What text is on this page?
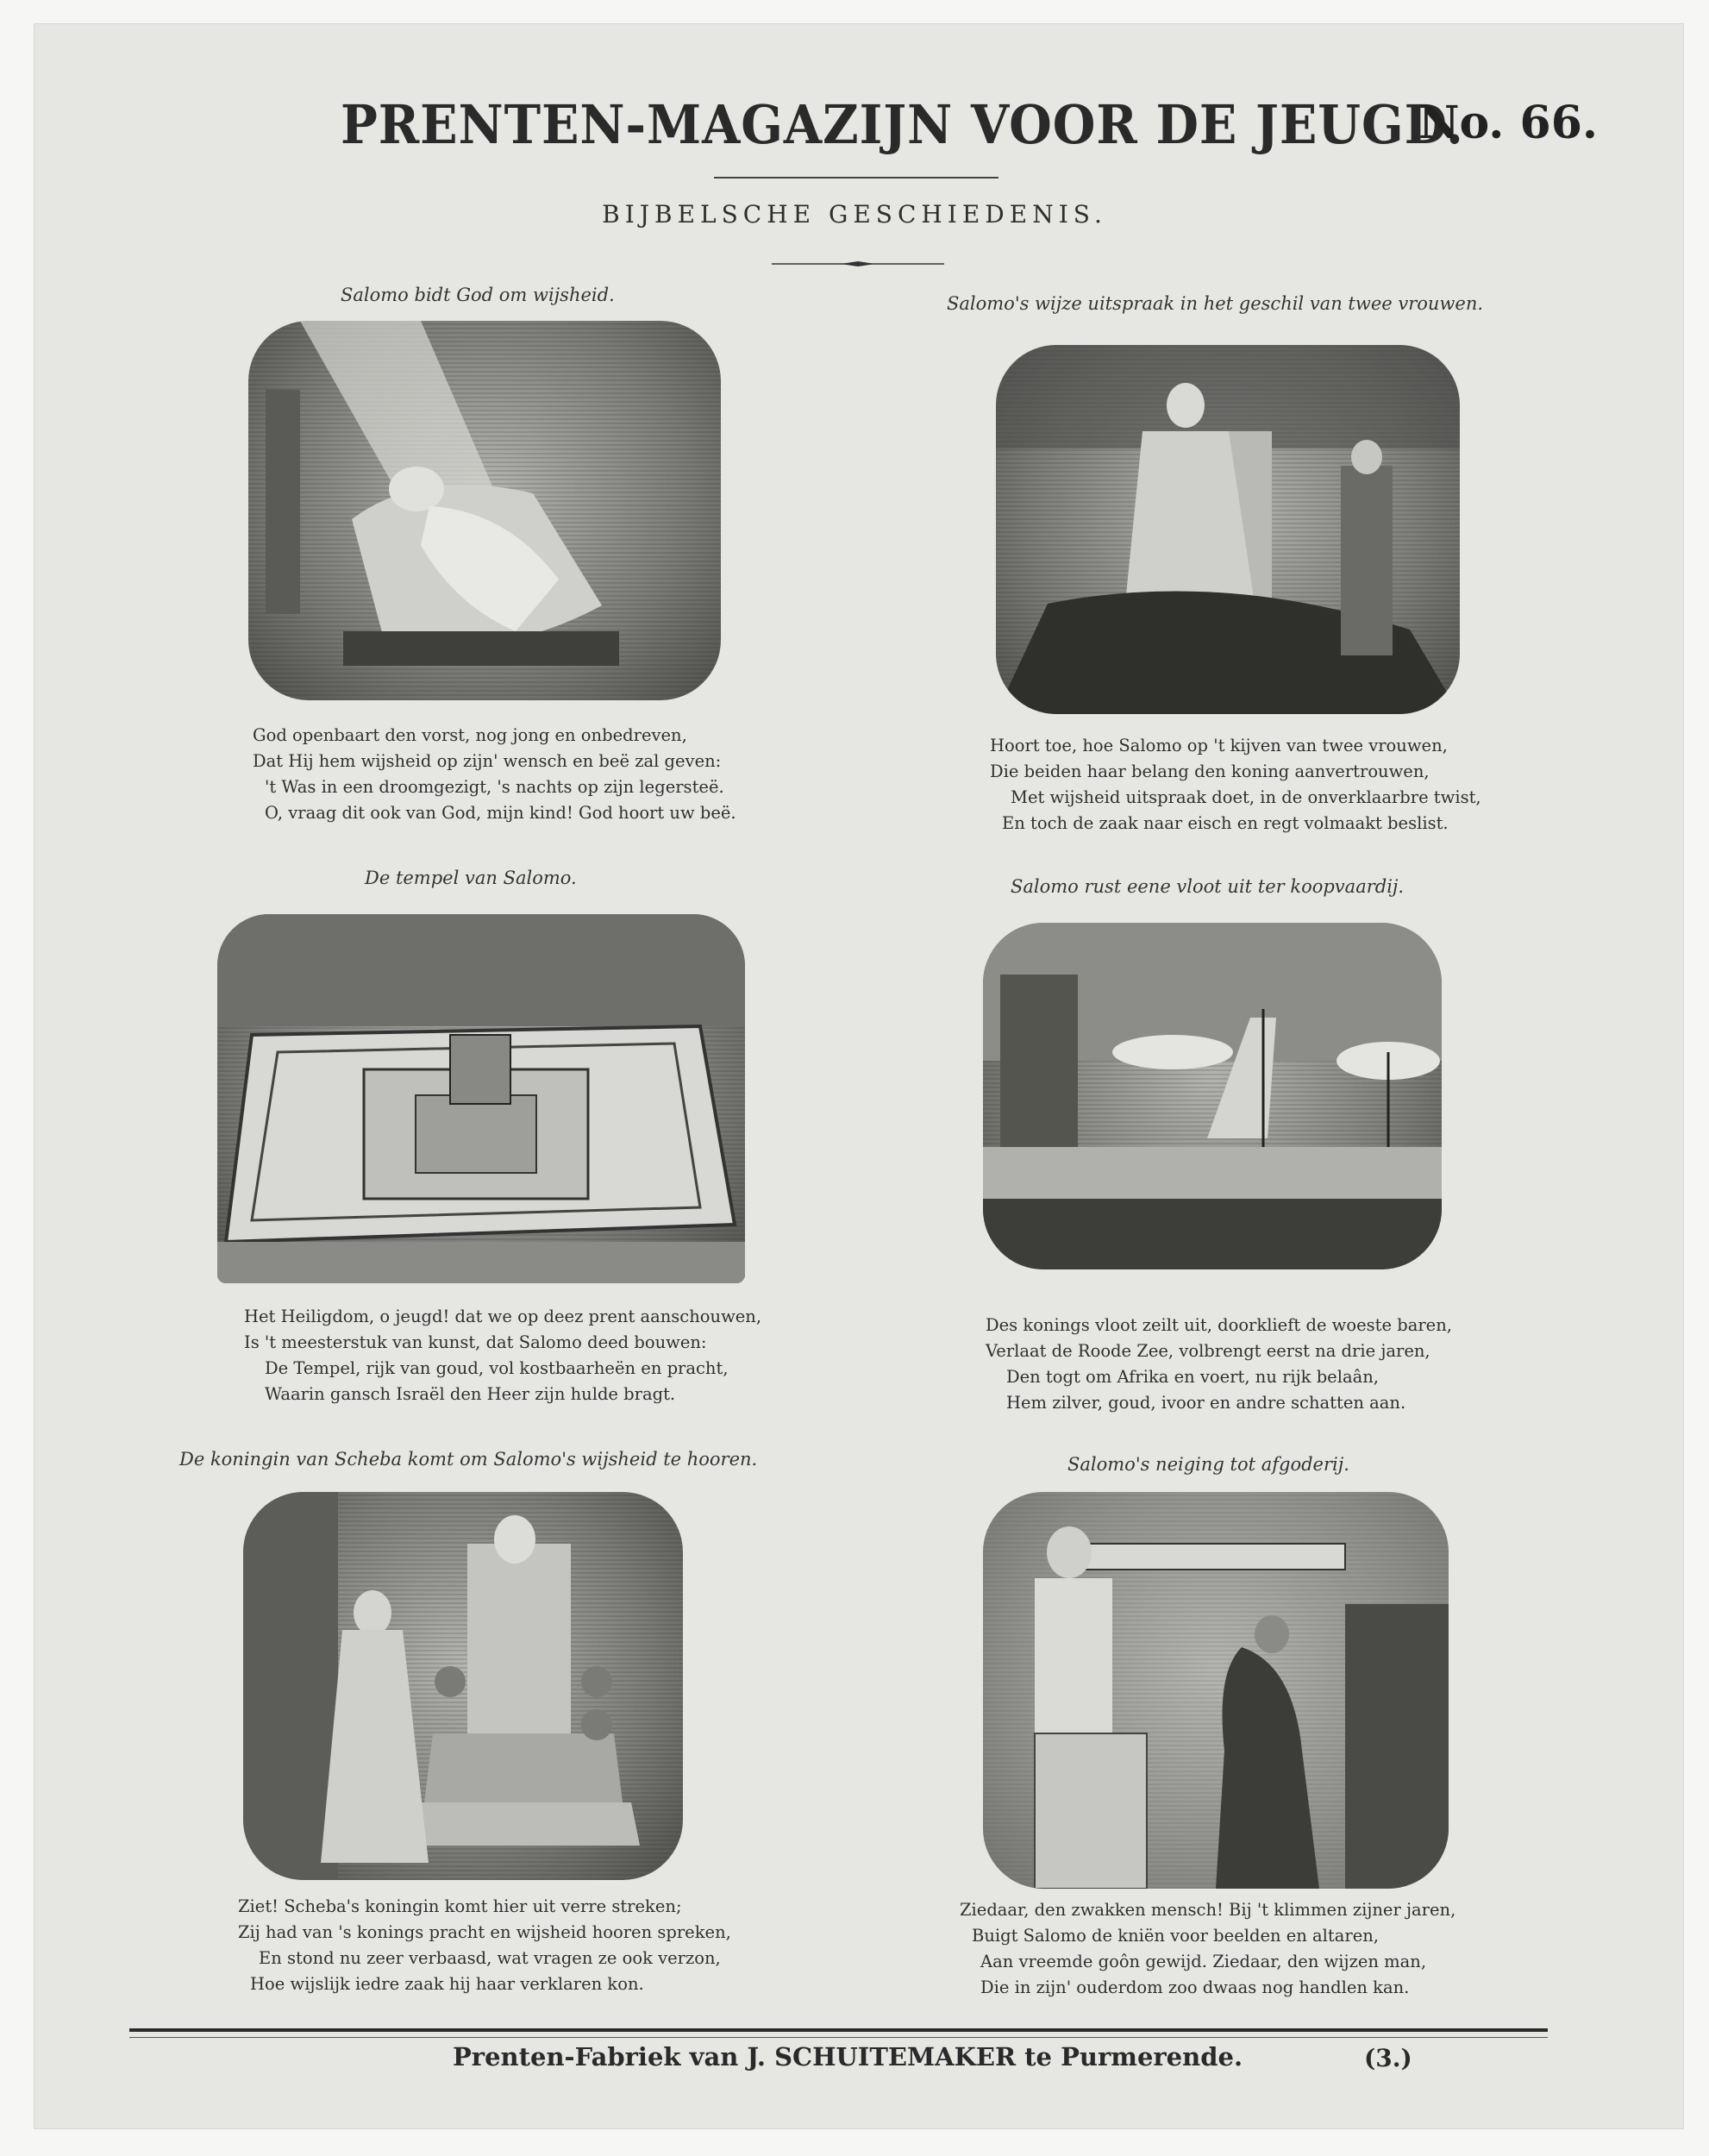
PRENTEN-MAGAZIJN VOOR DE JEUGD.
No. 66.
BIJBELSCHE GESCHIEDENIS.
Salomo bidt God om wijsheid.
God openbaart den vorst, nog jong en onbedreven,
Dat Hij hem wijsheid op zijn' wensch en beë zal geven:
't Was in een droomgezigt, 's nachts op zijn legersteë.
O, vraag dit ook van God, mijn kind! God hoort uw beë.
Salomo's wijze uitspraak in het geschil van twee vrouwen.
Hoort toe, hoe Salomo op 't kijven van twee vrouwen,
Die beiden haar belang den koning aanvertrouwen,
Met wijsheid uitspraak doet, in de onverklaarbre twist,
En toch de zaak naar eisch en regt volmaakt beslist.
De tempel van Salomo.
Het Heiligdom, o jeugd! dat we op deez prent aanschouwen,
Is 't meesterstuk van kunst, dat Salomo deed bouwen:
De Tempel, rijk van goud, vol kostbaarheën en pracht,
Waarin gansch Israël den Heer zijn hulde bragt.
Salomo rust eene vloot uit ter koopvaardij.
Des konings vloot zeilt uit, doorklieft de woeste baren,
Verlaat de Roode Zee, volbrengt eerst na drie jaren,
Den togt om Afrika en voert, nu rijk belaân,
Hem zilver, goud, ivoor en andre schatten aan.
De koningin van Scheba komt om Salomo's wijsheid te hooren.
Ziet! Scheba's koningin komt hier uit verre streken;
Zij had van 's konings pracht en wijsheid hooren spreken,
En stond nu zeer verbaasd, wat vragen ze ook verzon,
Hoe wijslijk iedre zaak hij haar verklaren kon.
Salomo's neiging tot afgoderij.
Ziedaar, den zwakken mensch! Bij 't klimmen zijner jaren,
Buigt Salomo de kniën voor beelden en altaren,
Aan vreemde goôn gewijd. Ziedaar, den wijzen man,
Die in zijn' ouderdom zoo dwaas nog handlen kan.
Prenten-Fabriek van J. SCHUITEMAKER te Purmerende.	(3.)
